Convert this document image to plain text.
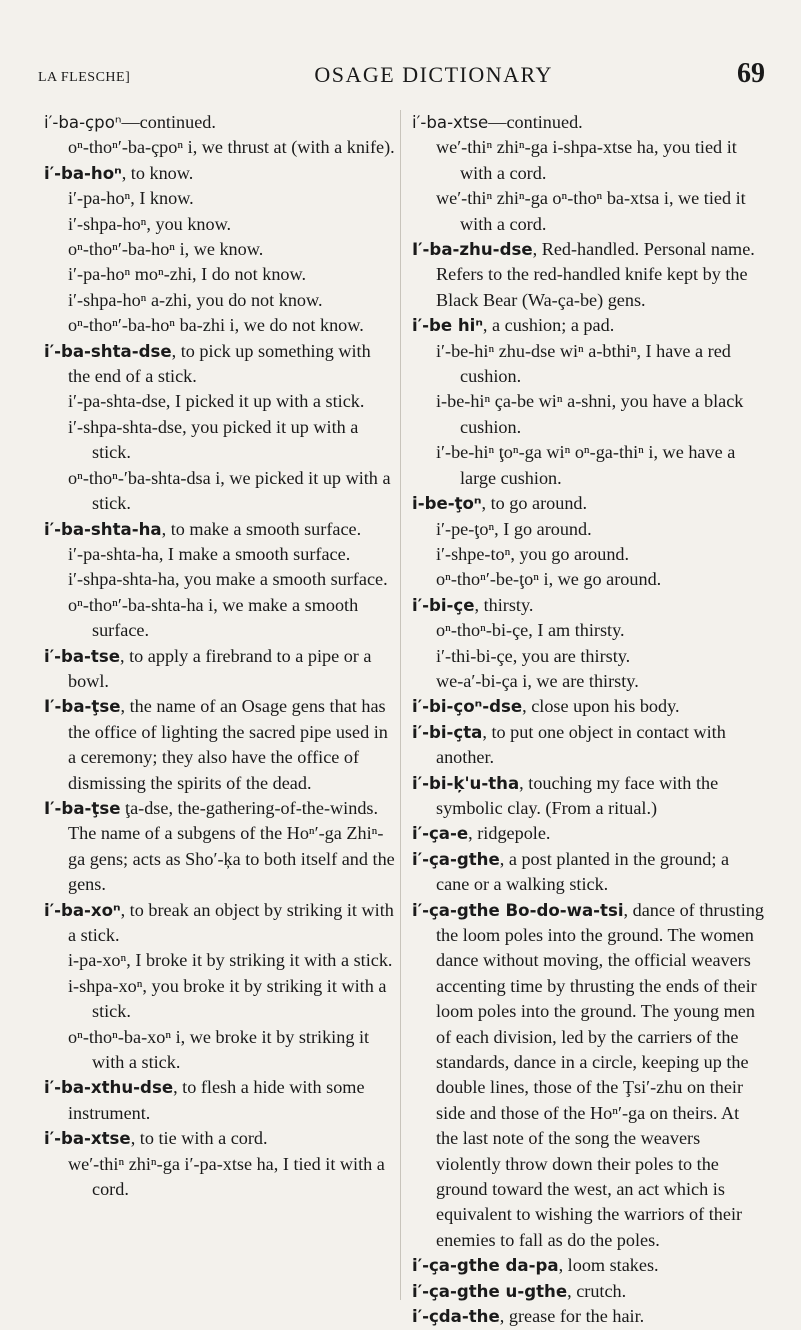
LA FLESCHE]	OSAGE DICTIONARY	69

i′-ba-çpoⁿ—continued.

oⁿ-thoⁿ′-ba-çpoⁿ i, we thrust at (with a knife).

i′-ba-hoⁿ, to know.

i′-pa-hoⁿ, I know.

i′-shpa-hoⁿ, you know.

oⁿ-thoⁿ′-ba-hoⁿ i, we know.

i′-pa-hoⁿ moⁿ-zhi, I do not know.

i′-shpa-hoⁿ a-zhi, you do not know.

oⁿ-thoⁿ′-ba-hoⁿ ba-zhi i, we do not know.

i′-ba-shta-dse, to pick up something with the end of a stick.

i′-pa-shta-dse, I picked it up with a stick.

i′-shpa-shta-dse, you picked it up with a stick.

oⁿ-thoⁿ-′ba-shta-dsa i, we picked it up with a stick.

i′-ba-shta-ha, to make a smooth surface.

i′-pa-shta-ha, I make a smooth surface.

i′-shpa-shta-ha, you make a smooth surface.

oⁿ-thoⁿ′-ba-shta-ha i, we make a smooth surface.

i′-ba-tse, to apply a firebrand to a pipe or a bowl.

I′-ba-ţse, the name of an Osage gens that has the office of lighting the sacred pipe used in a ceremony; they also have the office of dismissing the spirits of the dead.

I′-ba-ţse ţa-dse, the-gathering-of-the-winds. The name of a subgens of the Hoⁿ′-ga Zhiⁿ-ga gens; acts as Sho′-ķa to both itself and the gens.

i′-ba-xoⁿ, to break an object by striking it with a stick.

i-pa-xoⁿ, I broke it by striking it with a stick.

i-shpa-xoⁿ, you broke it by striking it with a stick.

oⁿ-thoⁿ-ba-xoⁿ i, we broke it by striking it with a stick.

i′-ba-xthu-dse, to flesh a hide with some instrument.

i′-ba-xtse, to tie with a cord.

we′-thiⁿ zhiⁿ-ga i′-pa-xtse ha, I tied it with a cord.

i′-ba-xtse—continued.

we′-thiⁿ zhiⁿ-ga i-shpa-xtse ha, you tied it with a cord.

we′-thiⁿ zhiⁿ-ga oⁿ-thoⁿ ba-xtsa i, we tied it with a cord.

I′-ba-zhu-dse, Red-handled. Personal name. Refers to the red-handled knife kept by the Black Bear (Wa-ça-be) gens.

i′-be hiⁿ, a cushion; a pad.

i′-be-hiⁿ zhu-dse wiⁿ a-bthiⁿ, I have a red cushion.

i-be-hiⁿ ça-be wiⁿ a-shni, you have a black cushion.

i′-be-hiⁿ ţoⁿ-ga wiⁿ oⁿ-ga-thiⁿ i, we have a large cushion.

i-be-ţoⁿ, to go around.

i′-pe-ţoⁿ, I go around.

i′-shpe-toⁿ, you go around.

oⁿ-thoⁿ′-be-ţoⁿ i, we go around.

i′-bi-çe, thirsty.

oⁿ-thoⁿ-bi-çe, I am thirsty.

i′-thi-bi-çe, you are thirsty.

we-a′-bi-ça i, we are thirsty.

i′-bi-çoⁿ-dse, close upon his body.

i′-bi-çta, to put one object in contact with another.

i′-bi-ķ'u-tha, touching my face with the symbolic clay. (From a ritual.)

i′-ça-e, ridgepole.

i′-ça-gthe, a post planted in the ground; a cane or a walking stick.

i′-ça-gthe Bo-do-wa-tsi, dance of thrusting the loom poles into the ground. The women dance without moving, the official weavers accenting time by thrusting the ends of their loom poles into the ground. The young men of each division, led by the carriers of the standards, dance in a circle, keeping up the double lines, those of the Ţsi′-zhu on their side and those of the Hoⁿ′-ga on theirs. At the last note of the song the weavers violently throw down their poles to the ground toward the west, an act which is equivalent to wishing the warriors of their enemies to fall as do the poles.

i′-ça-gthe da-pa, loom stakes.

i′-ça-gthe u-gthe, crutch.

i′-çda-the, grease for the hair.
